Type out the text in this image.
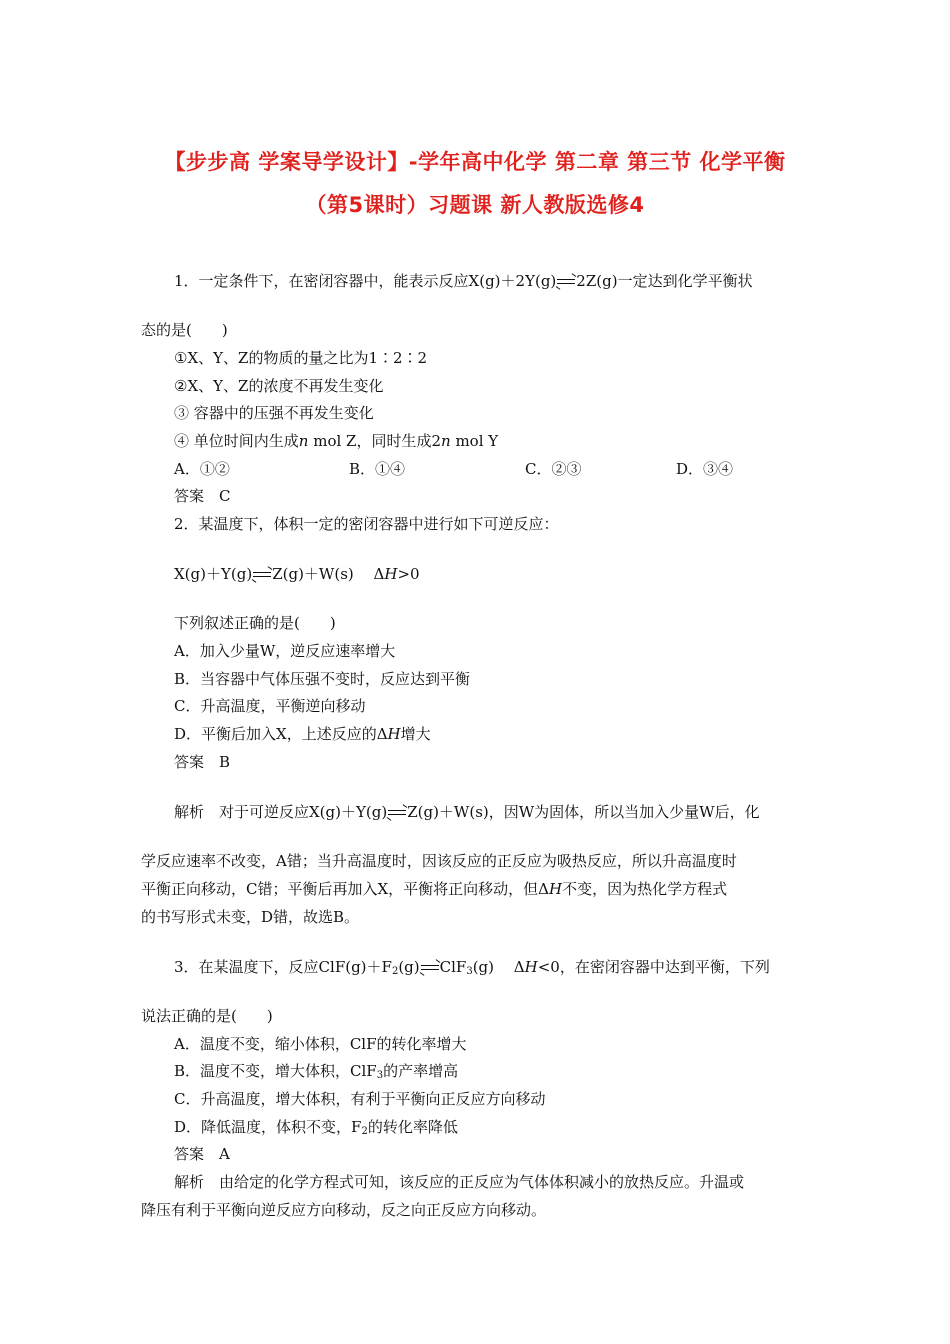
【步步高 学案导学设计】-学年高中化学 第二章 第三节 化学平衡
（第5课时）习题课 新人教版选修4
1．一定条件下，在密闭容器中，能表示反应X(g)＋2Y(g)⇌2Z(g)一定达到化学平衡状
态的是(　　)
①X、Y、Z的物质的量之比为1∶2∶2
②X、Y、Z的浓度不再发生变化
③ 容器中的压强不再发生变化
④ 单位时间内生成n mol Z，同时生成2n mol Y
A．①②	B．①④	C．②③	D．③④
答案　C
2．某温度下，体积一定的密闭容器中进行如下可逆反应：
X(g)＋Y(g)⇌Z(g)＋W(s)　 ΔH>0
下列叙述正确的是(　　)
A．加入少量W，逆反应速率增大
B．当容器中气体压强不变时，反应达到平衡
C．升高温度，平衡逆向移动
D．平衡后加入X，上述反应的ΔH增大
答案　B
解析　对于可逆反应X(g)＋Y(g)⇌Z(g)＋W(s)，因W为固体，所以当加入少量W后，化
学反应速率不改变，A错；当升高温度时，因该反应的正反应为吸热反应，所以升高温度时
平衡正向移动，C错；平衡后再加入X，平衡将正向移动，但ΔH不变，因为热化学方程式
的书写形式未变，D错，故选B。
3．在某温度下，反应$ClF(g)+F_2(g)\rightleftharpoons ClF_3(g)$　 ΔH<0，在密闭容器中达到平衡，下列
说法正确的是(　　)
A．温度不变，缩小体积，ClF的转化率增大
B．温度不变，增大体积，ClF$_3$的产率增高
C．升高温度，增大体积，有利于平衡向正反应方向移动
D．降低温度，体积不变，$F_2$的转化率降低
答案　A
解析　由给定的化学方程式可知，该反应的正反应为气体体积减小的放热反应。升温或
降压有利于平衡向逆反应方向移动，反之向正反应方向移动。
